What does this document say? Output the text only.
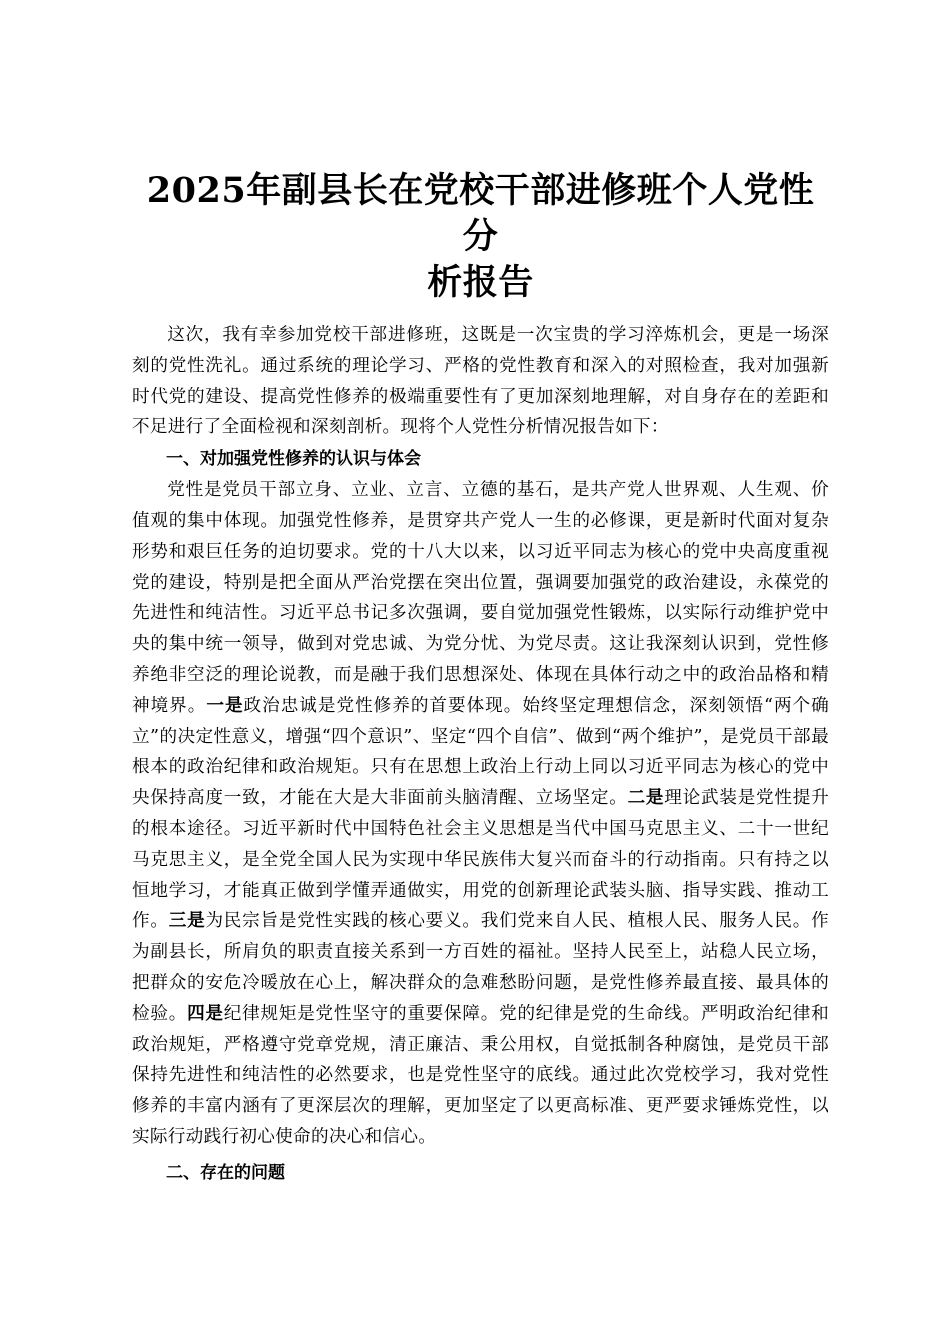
2025年副县长在党校干部进修班个人党性分
析报告

这次，我有幸参加党校干部进修班，这既是一次宝贵的学习淬炼机会，更是一场深刻的党性洗礼。通过系统的理论学习、严格的党性教育和深入的对照检查，我对加强新时代党的建设、提高党性修养的极端重要性有了更加深刻地理解，对自身存在的差距和不足进行了全面检视和深刻剖析。现将个人党性分析情况报告如下：

一、对加强党性修养的认识与体会

党性是党员干部立身、立业、立言、立德的基石，是共产党人世界观、人生观、价值观的集中体现。加强党性修养，是贯穿共产党人一生的必修课，更是新时代面对复杂形势和艰巨任务的迫切要求。党的十八大以来，以习近平同志为核心的党中央高度重视党的建设，特别是把全面从严治党摆在突出位置，强调要加强党的政治建设，永葆党的先进性和纯洁性。习近平总书记多次强调，要自觉加强党性锻炼，以实际行动维护党中央的集中统一领导，做到对党忠诚、为党分忧、为党尽责。这让我深刻认识到，党性修养绝非空泛的理论说教，而是融于我们思想深处、体现在具体行动之中的政治品格和精神境界。一是政治忠诚是党性修养的首要体现。始终坚定理想信念，深刻领悟“两个确立”的决定性意义，增强“四个意识”、坚定“四个自信”、做到“两个维护”，是党员干部最根本的政治纪律和政治规矩。只有在思想上政治上行动上同以习近平同志为核心的党中央保持高度一致，才能在大是大非面前头脑清醒、立场坚定。二是理论武装是党性提升的根本途径。习近平新时代中国特色社会主义思想是当代中国马克思主义、二十一世纪马克思主义，是全党全国人民为实现中华民族伟大复兴而奋斗的行动指南。只有持之以恒地学习，才能真正做到学懂弄通做实，用党的创新理论武装头脑、指导实践、推动工作。三是为民宗旨是党性实践的核心要义。我们党来自人民、植根人民、服务人民。作为副县长，所肩负的职责直接关系到一方百姓的福祉。坚持人民至上，站稳人民立场，把群众的安危冷暖放在心上，解决群众的急难愁盼问题，是党性修养最直接、最具体的检验。四是纪律规矩是党性坚守的重要保障。党的纪律是党的生命线。严明政治纪律和政治规矩，严格遵守党章党规，清正廉洁、秉公用权，自觉抵制各种腐蚀，是党员干部保持先进性和纯洁性的必然要求，也是党性坚守的底线。通过此次党校学习，我对党性修养的丰富内涵有了更深层次的理解，更加坚定了以更高标准、更严要求锤炼党性，以实际行动践行初心使命的决心和信心。

二、存在的问题
